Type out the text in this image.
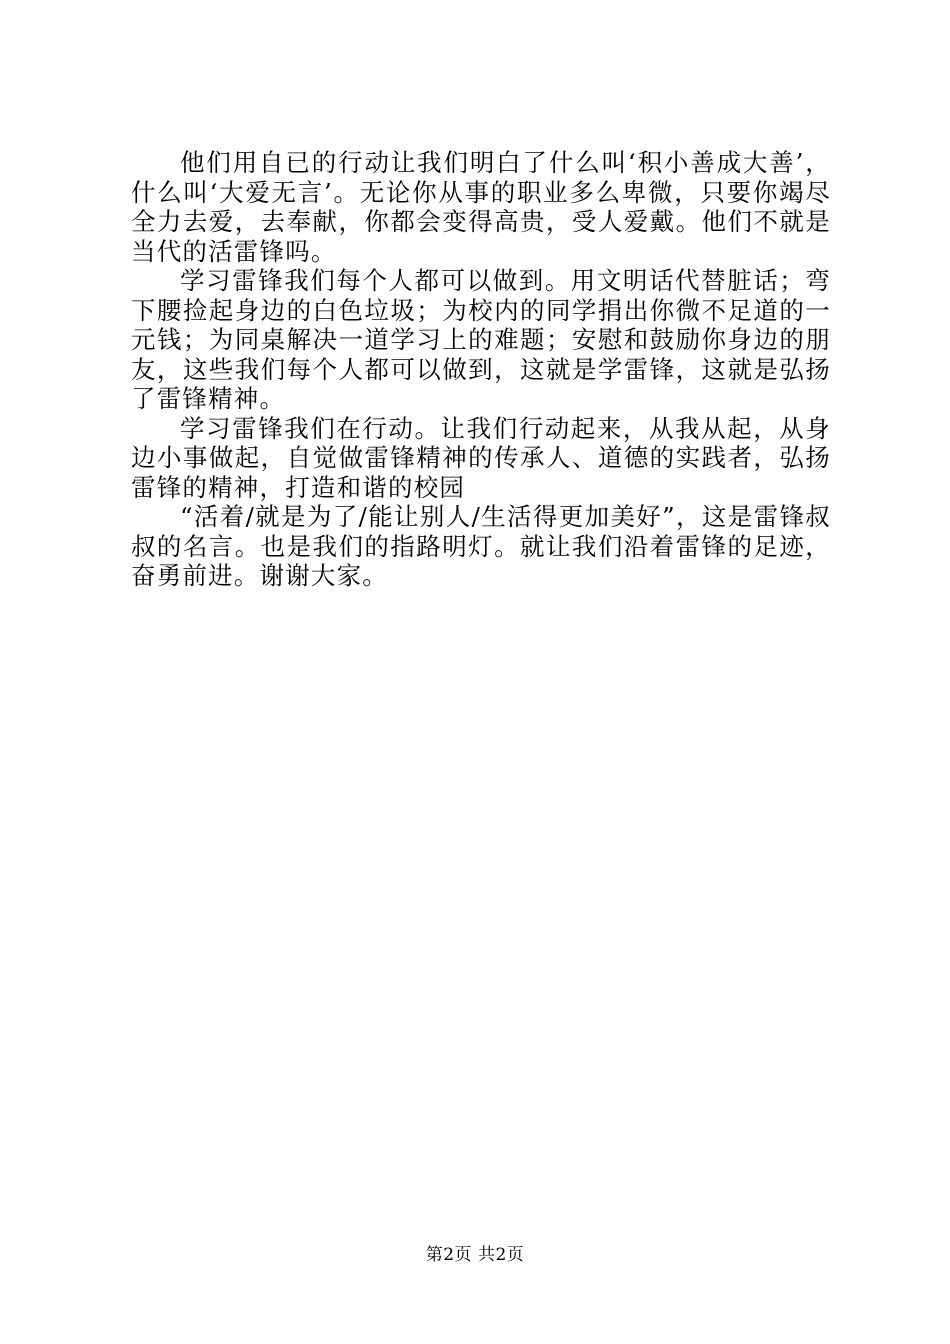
他们用自已的行动让我们明白了什么叫‘积小善成大善’，什么叫‘大爱无言’。无论你从事的职业多么卑微，只要你竭尽全力去爱，去奉献，你都会变得高贵，受人爱戴。他们不就是当代的活雷锋吗。

学习雷锋我们每个人都可以做到。用文明话代替脏话；弯下腰捡起身边的白色垃圾；为校内的同学捐出你微不足道的一元钱；为同桌解决一道学习上的难题；安慰和鼓励你身边的朋友，这些我们每个人都可以做到，这就是学雷锋，这就是弘扬了雷锋精神。

学习雷锋我们在行动。让我们行动起来，从我从起，从身边小事做起，自觉做雷锋精神的传承人、道德的实践者，弘扬雷锋的精神，打造和谐的校园

“活着/就是为了/能让别人/生活得更加美好”，这是雷锋叔叔的名言。也是我们的指路明灯。就让我们沿着雷锋的足迹，奋勇前进。谢谢大家。

第2页 共2页
